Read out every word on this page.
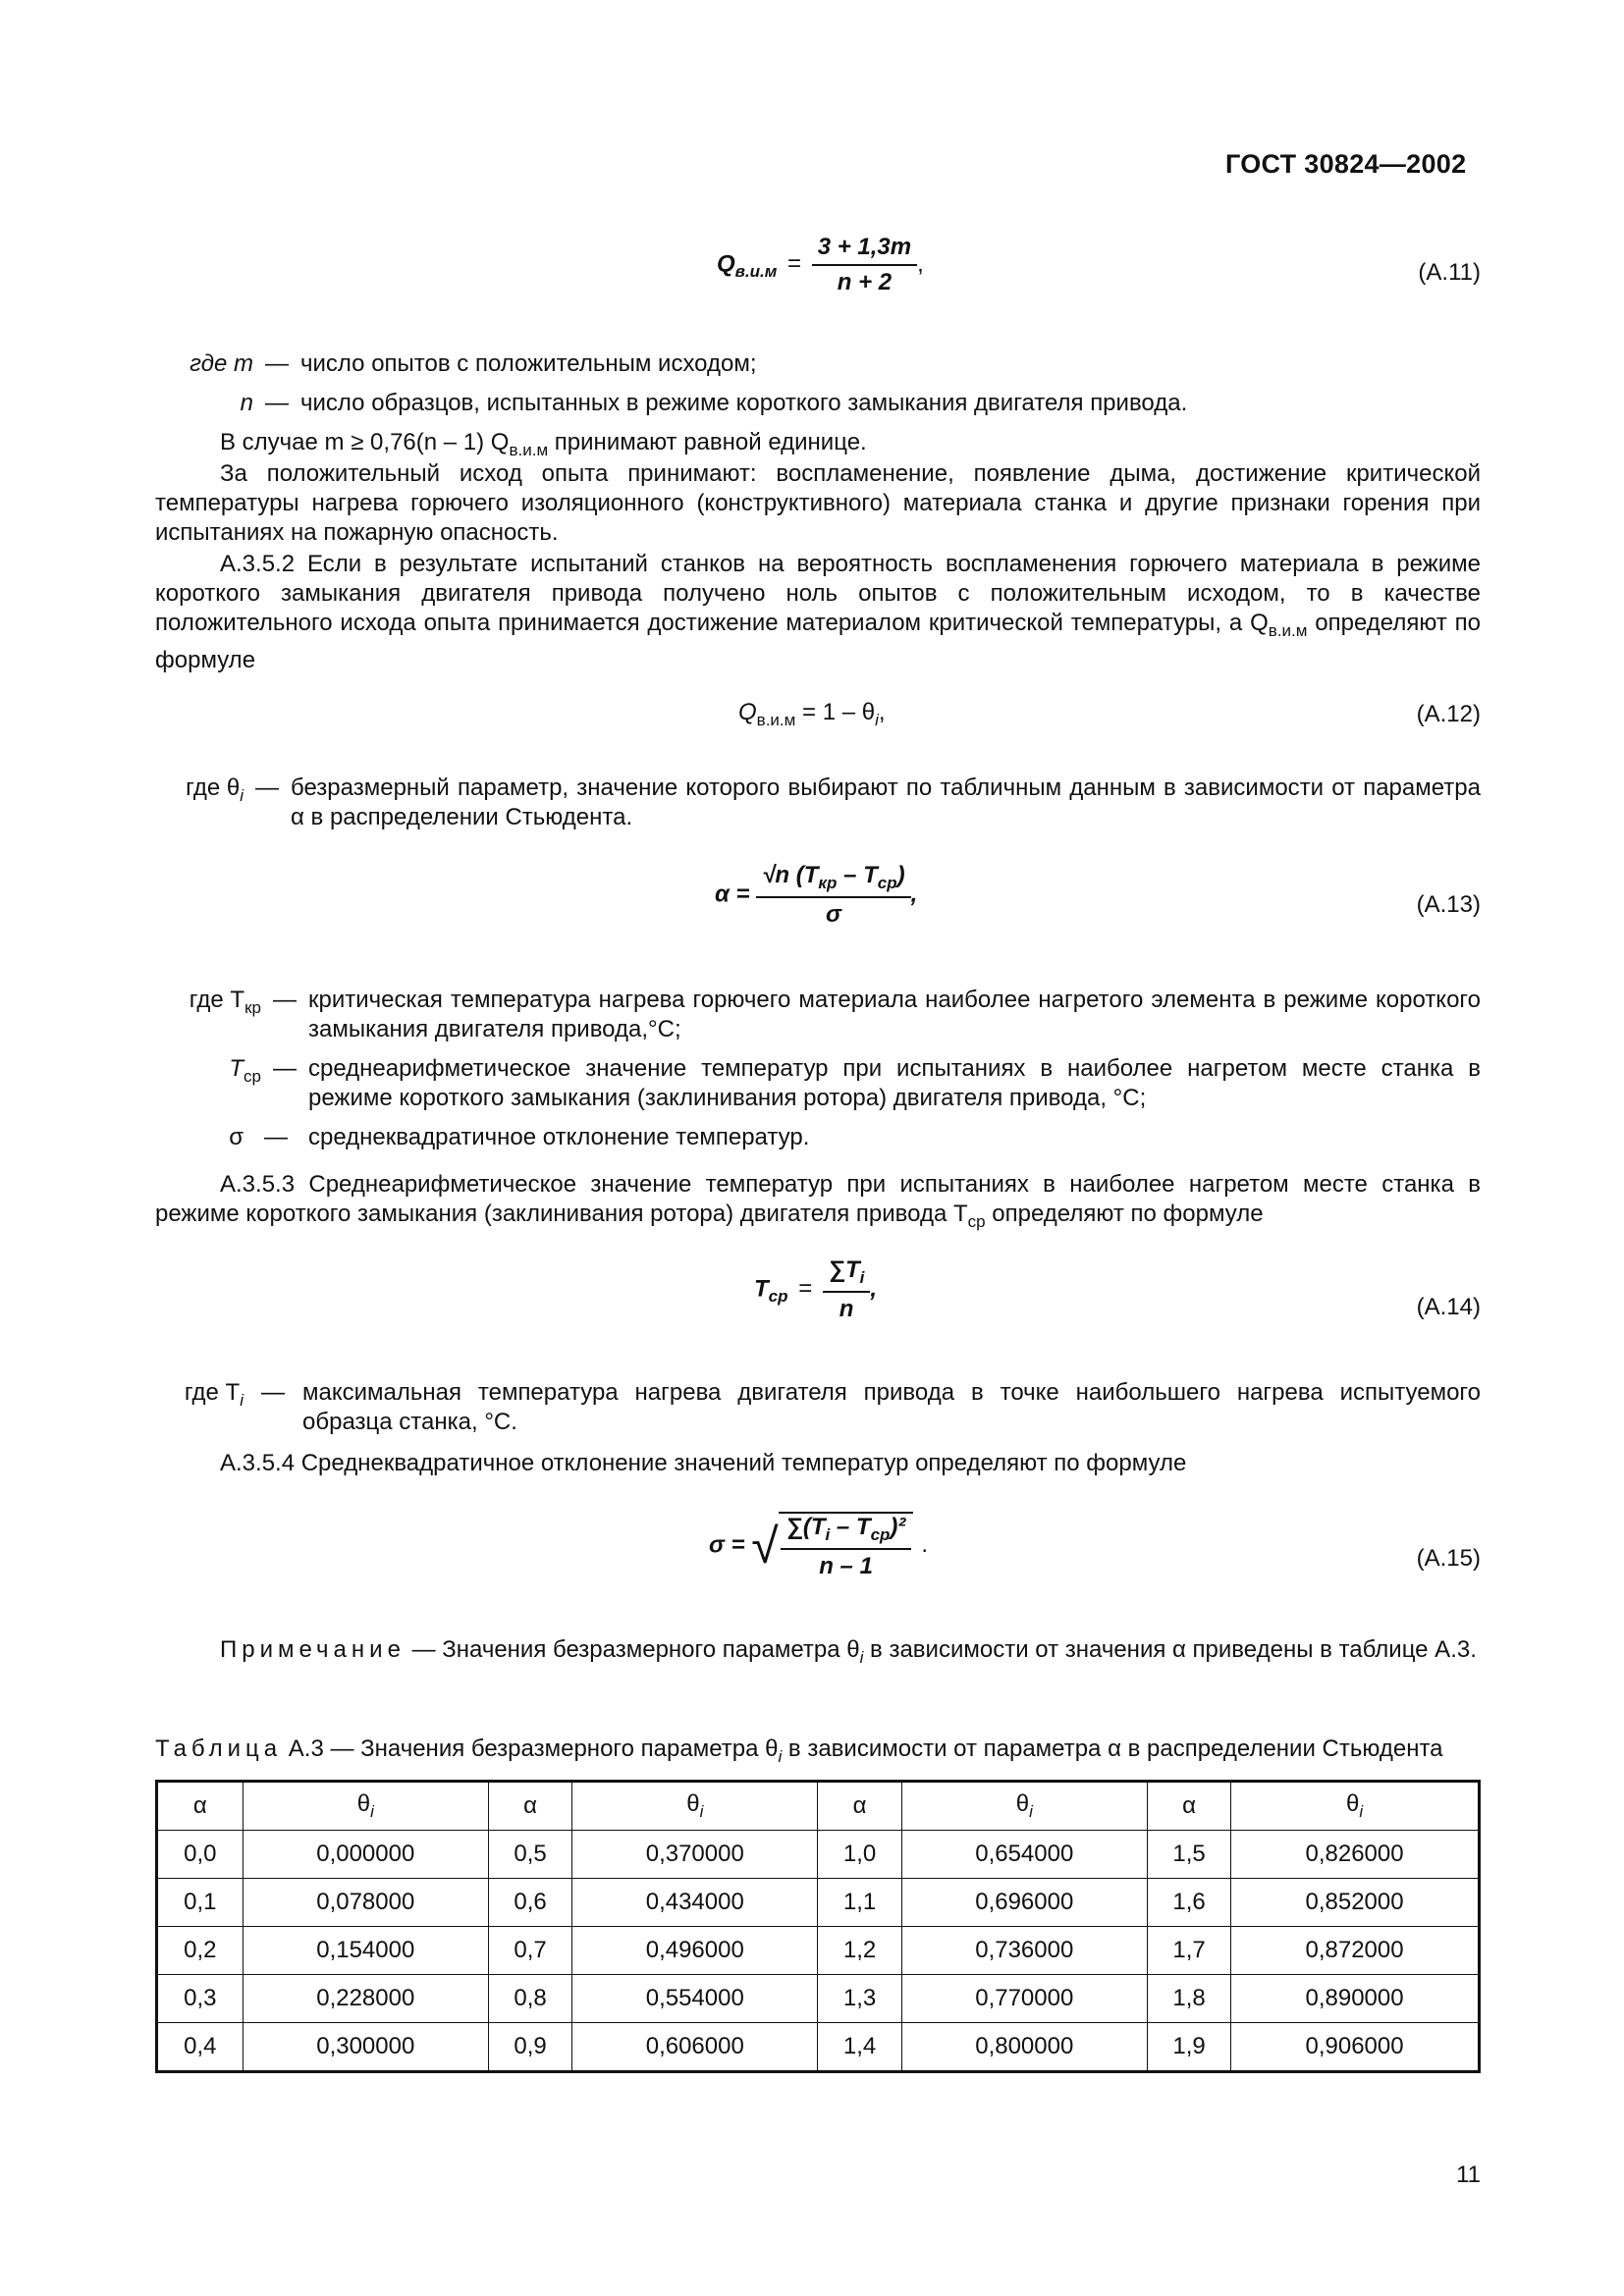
ГОСТ 30824—2002
$Q_{в.и.м} = \frac{3 + 1,3m}{n + 2}$ ,	(А.11)
где m — число опытов с положительным исходом;
n — число образцов, испытанных в режиме короткого замыкания двигателя привода.
В случае m ≥ 0,76(n – 1) $Q_{в.и.м}$ принимают равной единице.
За положительный исход опыта принимают: воспламенение, появление дыма, достижение критической температуры нагрева горючего изоляционного (конструктивного) материала станка и другие признаки горения при испытаниях на пожарную опасность.
А.3.5.2 Если в результате испытаний станков на вероятность воспламенения горючего материала в режиме короткого замыкания двигателя привода получено ноль опытов с положительным исходом, то в качестве положительного исхода опыта принимается достижение материалом критической температуры, а $Q_{в.и.м}$ определяют по формуле
$Q_{в.и.м} = 1 - \theta_i$,	(А.12)
где $\theta_i$ — безразмерный параметр, значение которого выбирают по табличным данным в зависимости от параметра α в распределении Стьюдента.
$\alpha = \frac{√n (T_{кр} - T_{ср})}{\sigma}$ ,	(А.13)
где $T_{кр}$ — критическая температура нагрева горючего материала наиболее нагретого элемента в режиме короткого замыкания двигателя привода,°С;
$T_{ср}$ — среднеарифметическое значение температур при испытаниях в наиболее нагретом месте станка в режиме короткого замыкания (заклинивания ротора) двигателя привода, °С;
σ — среднеквадратичное отклонение температур.
А.3.5.3 Среднеарифметическое значение температур при испытаниях в наиболее нагретом месте станка в режиме короткого замыкания (заклинивания ротора) двигателя привода $T_{ср}$ определяют по формуле
$T_{ср} = \frac{\sum T_i}{n}$ ,
(А.14)
где $T_i$ — максимальная температура нагрева двигателя привода в точке наибольшего нагрева испытуемого образца станка, °С.
А.3.5.4 Среднеквадратичное отклонение значений температур определяют по формуле
σ = √ $\frac{\sum(T_i - T_{ср})^2}{n - 1}$ .
(А.15)
Примечание — Значения безразмерного параметра $\theta_i$ в зависимости от значения α приведены в таблице А.3.
Таблица А.3 — Значения безразмерного параметра $\theta_i$ в зависимости от параметра α в распределении Стьюдента
α	$\theta_i$	α	$\theta_i$	α	$\theta_i$	α	$\theta_i$
0,0	0,000000	0,5	0,370000	1,0	0,654000	1,5	0,826000
0,1	0,078000	0,6	0,434000	1,1	0,696000	1,6	0,852000
0,2	0,154000	0,7	0,496000	1,2	0,736000	1,7	0,872000
0,3	0,228000	0,8	0,554000	1,3	0,770000	1,8	0,890000
0,4	0,300000	0,9	0,606000	1,4	0,800000	1,9	0,906000
11
